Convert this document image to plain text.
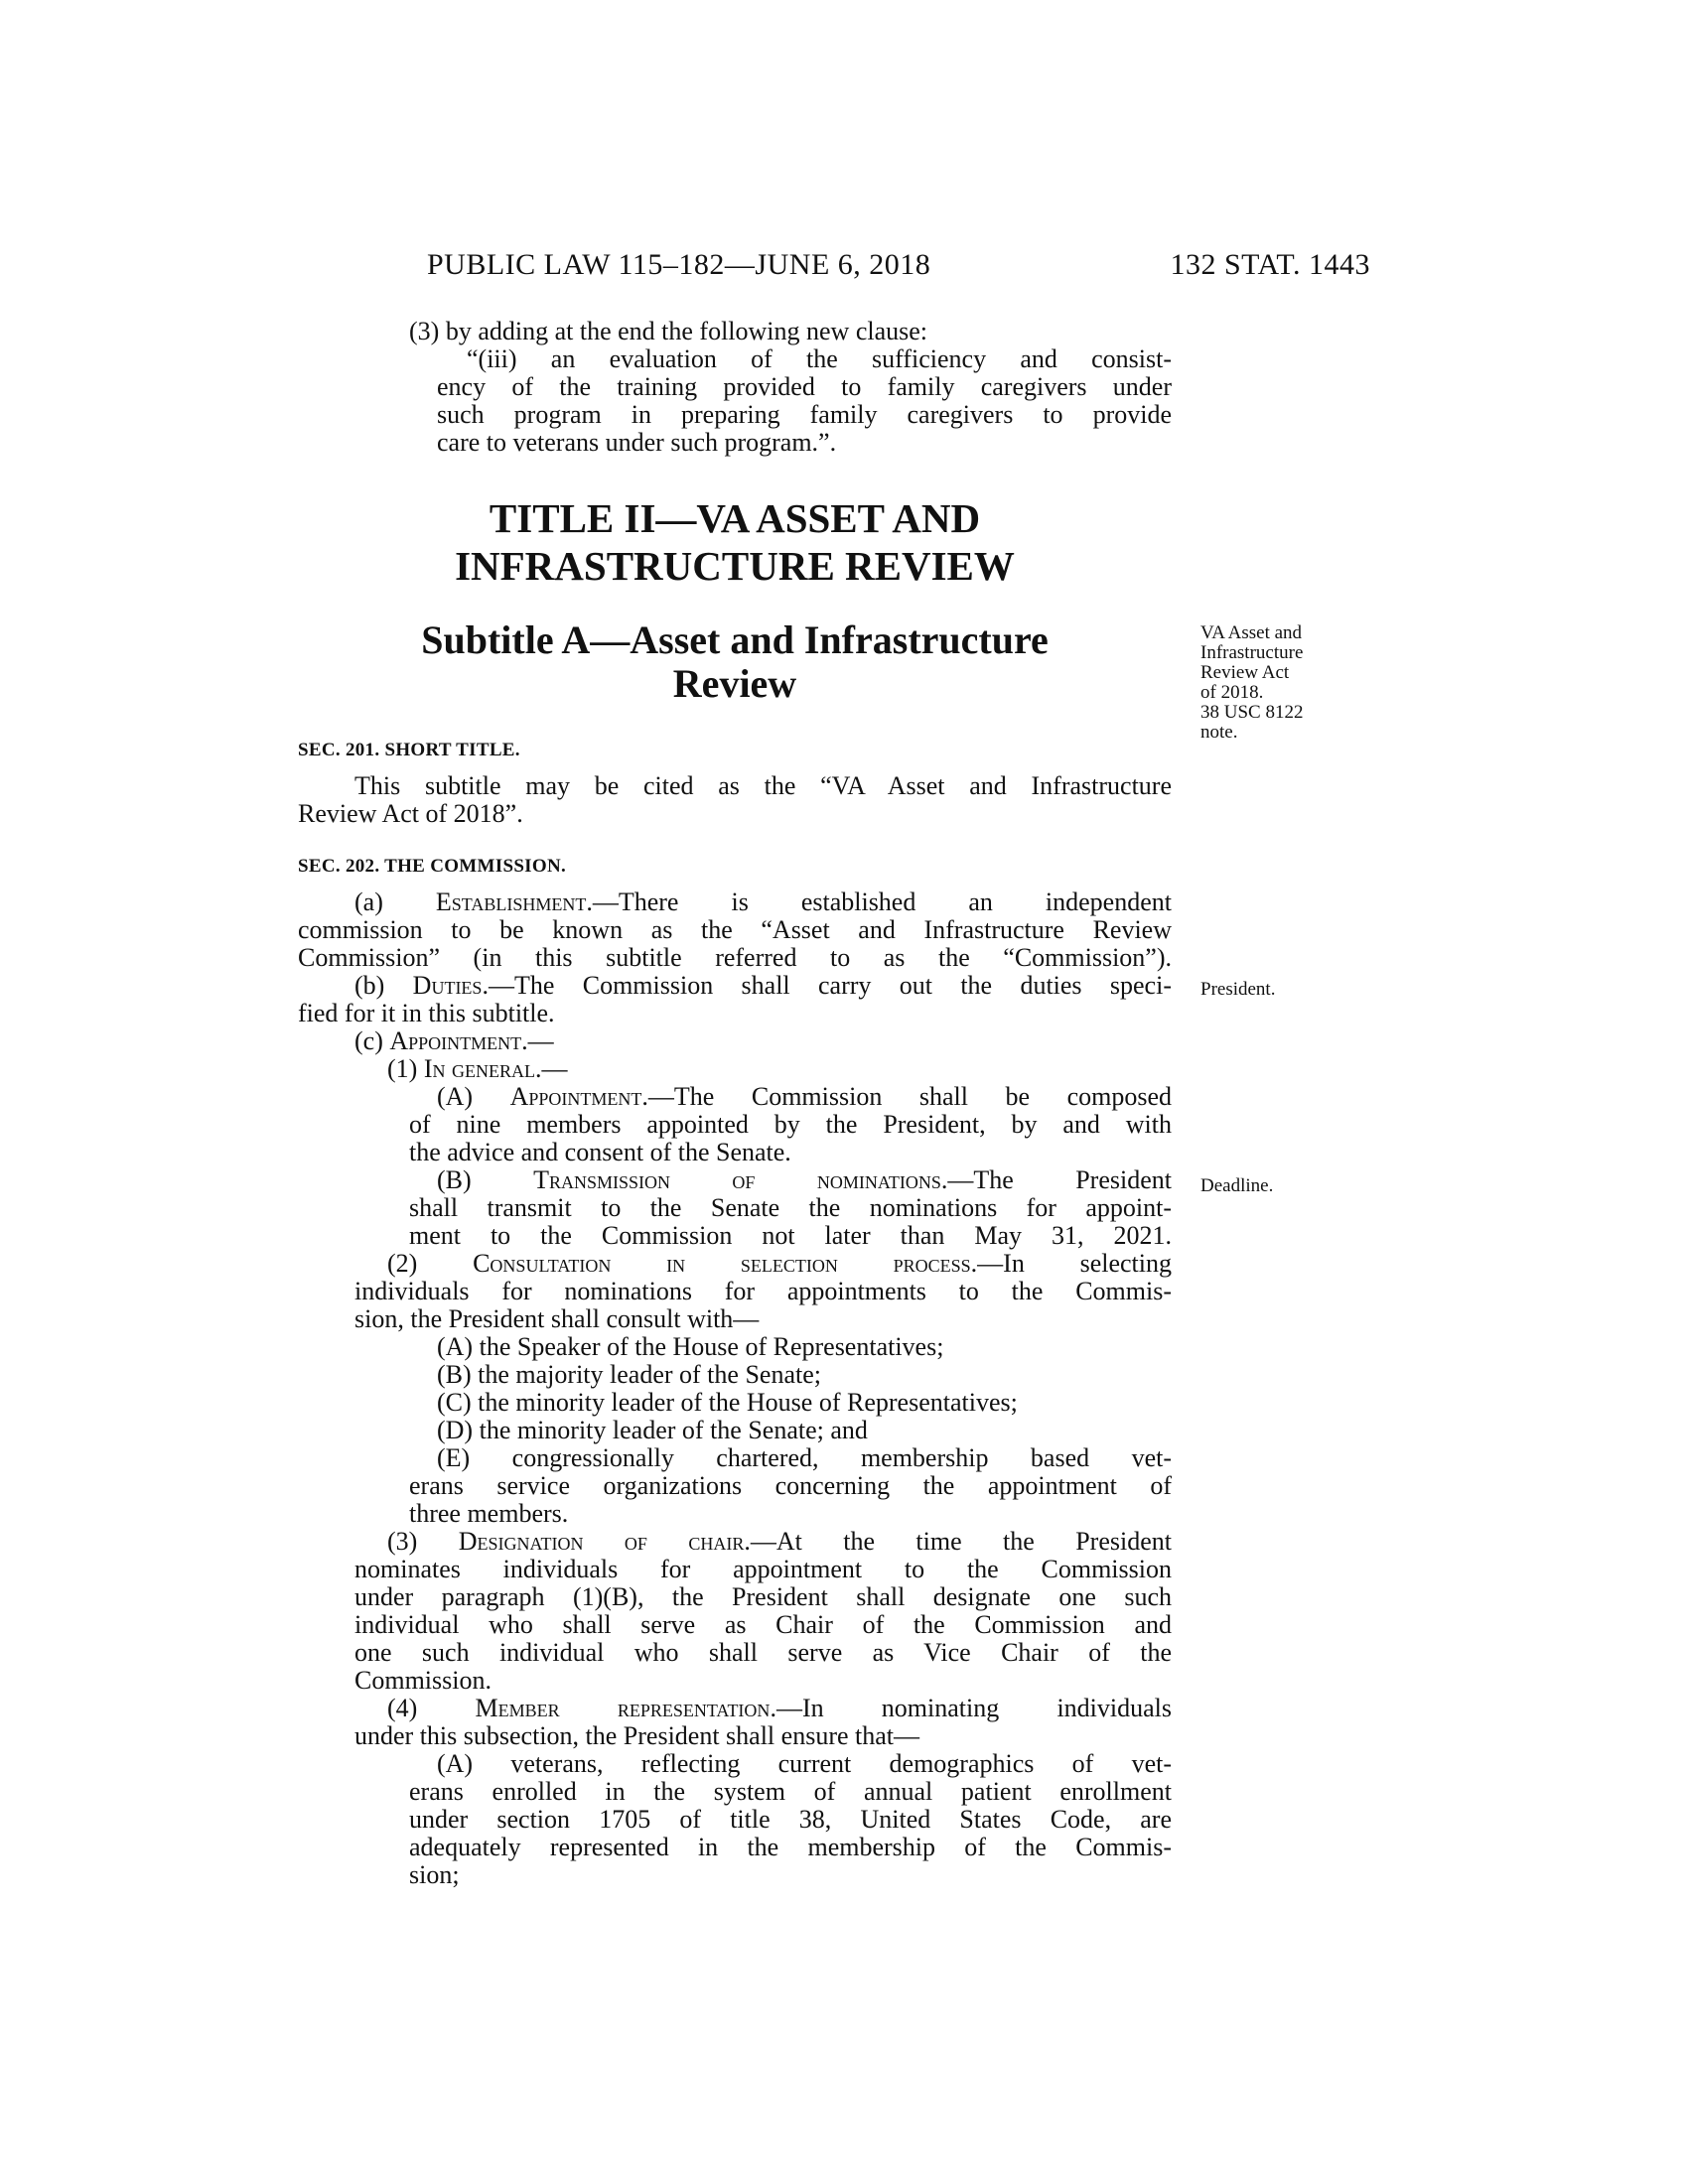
PUBLIC LAW 115–182—JUNE 6, 2018	132 STAT. 1443
(3) by adding at the end the following new clause:
“(iii) an evaluation of the sufficiency and consist-
ency of the training provided to family caregivers under
such program in preparing family caregivers to provide
care to veterans under such program.”.
TITLE II—VA ASSET AND
INFRASTRUCTURE REVIEW
Subtitle A—Asset and Infrastructure
Review
VA Asset and
Infrastructure
Review Act
of 2018.
38 USC 8122
note.
President.
Deadline.
SEC. 201. SHORT TITLE.
This subtitle may be cited as the “VA Asset and Infrastructure
Review Act of 2018”.
SEC. 202. THE COMMISSION.
(a) Establishment.—There is established an independent
commission to be known as the “Asset and Infrastructure Review
Commission” (in this subtitle referred to as the “Commission”).
(b) Duties.—The Commission shall carry out the duties speci-
fied for it in this subtitle.
(c) Appointment.—
(1) In general.—
(A) Appointment.—The Commission shall be composed
of nine members appointed by the President, by and with
the advice and consent of the Senate.
(B) Transmission of nominations.—The President
shall transmit to the Senate the nominations for appoint-
ment to the Commission not later than May 31, 2021.
(2) Consultation in selection process.—In selecting
individuals for nominations for appointments to the Commis-
sion, the President shall consult with—
(A) the Speaker of the House of Representatives;
(B) the majority leader of the Senate;
(C) the minority leader of the House of Representatives;
(D) the minority leader of the Senate; and
(E) congressionally chartered, membership based vet-
erans service organizations concerning the appointment of
three members.
(3) Designation of chair.—At the time the President
nominates individuals for appointment to the Commission
under paragraph (1)(B), the President shall designate one such
individual who shall serve as Chair of the Commission and
one such individual who shall serve as Vice Chair of the
Commission.
(4) Member representation.—In nominating individuals
under this subsection, the President shall ensure that—
(A) veterans, reflecting current demographics of vet-
erans enrolled in the system of annual patient enrollment
under section 1705 of title 38, United States Code, are
adequately represented in the membership of the Commis-
sion;
